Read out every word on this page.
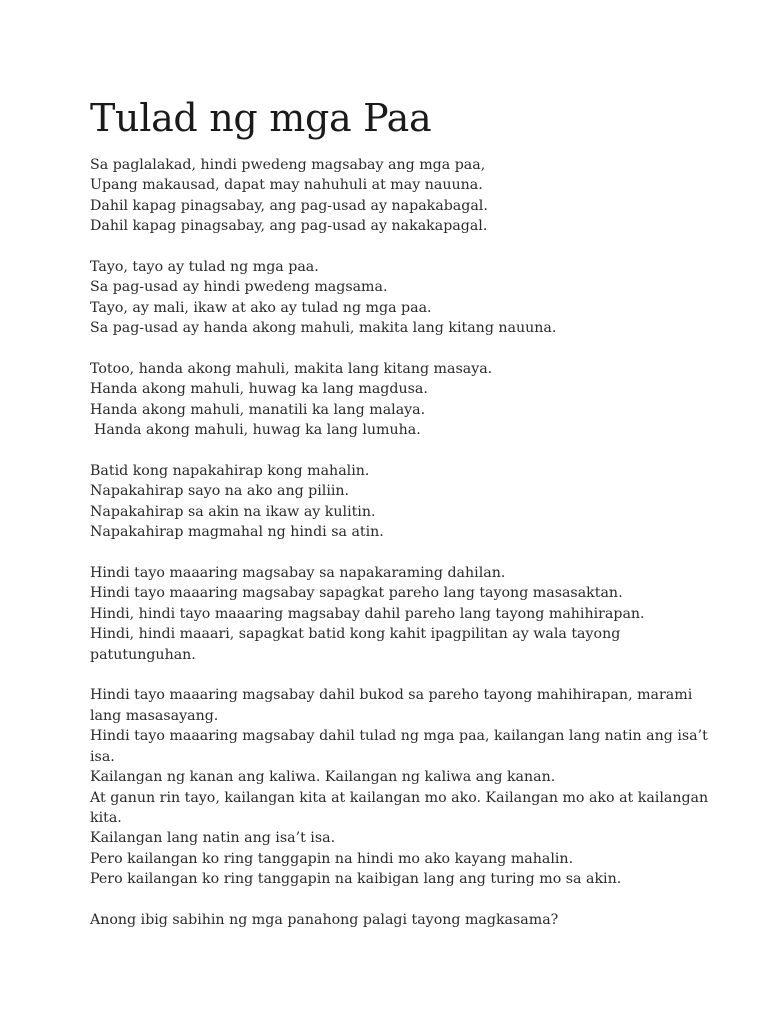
Tulad ng mga Paa

Sa paglalakad, hindi pwedeng magsabay ang mga paa,
Upang makausad, dapat may nahuhuli at may nauuna.
Dahil kapag pinagsabay, ang pag-usad ay napakabagal.
Dahil kapag pinagsabay, ang pag-usad ay nakakapagal.

Tayo, tayo ay tulad ng mga paa.
Sa pag-usad ay hindi pwedeng magsama.
Tayo, ay mali, ikaw at ako ay tulad ng mga paa.
Sa pag-usad ay handa akong mahuli, makita lang kitang nauuna.

Totoo, handa akong mahuli, makita lang kitang masaya.
Handa akong mahuli, huwag ka lang magdusa.
Handa akong mahuli, manatili ka lang malaya.
Handa akong mahuli, huwag ka lang lumuha.

Batid kong napakahirap kong mahalin.
Napakahirap sayo na ako ang piliin.
Napakahirap sa akin na ikaw ay kulitin.
Napakahirap magmahal ng hindi sa atin.

Hindi tayo maaaring magsabay sa napakaraming dahilan.
Hindi tayo maaaring magsabay sapagkat pareho lang tayong masasaktan.
Hindi, hindi tayo maaaring magsabay dahil pareho lang tayong mahihirapan.
Hindi, hindi maaari, sapagkat batid kong kahit ipagpilitan ay wala tayong patutunguhan.

Hindi tayo maaaring magsabay dahil bukod sa pareho tayong mahihirapan, marami lang masasayang.
Hindi tayo maaaring magsabay dahil tulad ng mga paa, kailangan lang natin ang isa’t isa.
Kailangan ng kanan ang kaliwa. Kailangan ng kaliwa ang kanan.
At ganun rin tayo, kailangan kita at kailangan mo ako. Kailangan mo ako at kailangan kita.
Kailangan lang natin ang isa’t isa.
Pero kailangan ko ring tanggapin na hindi mo ako kayang mahalin.
Pero kailangan ko ring tanggapin na kaibigan lang ang turing mo sa akin.

Anong ibig sabihin ng mga panahong palagi tayong magkasama?
